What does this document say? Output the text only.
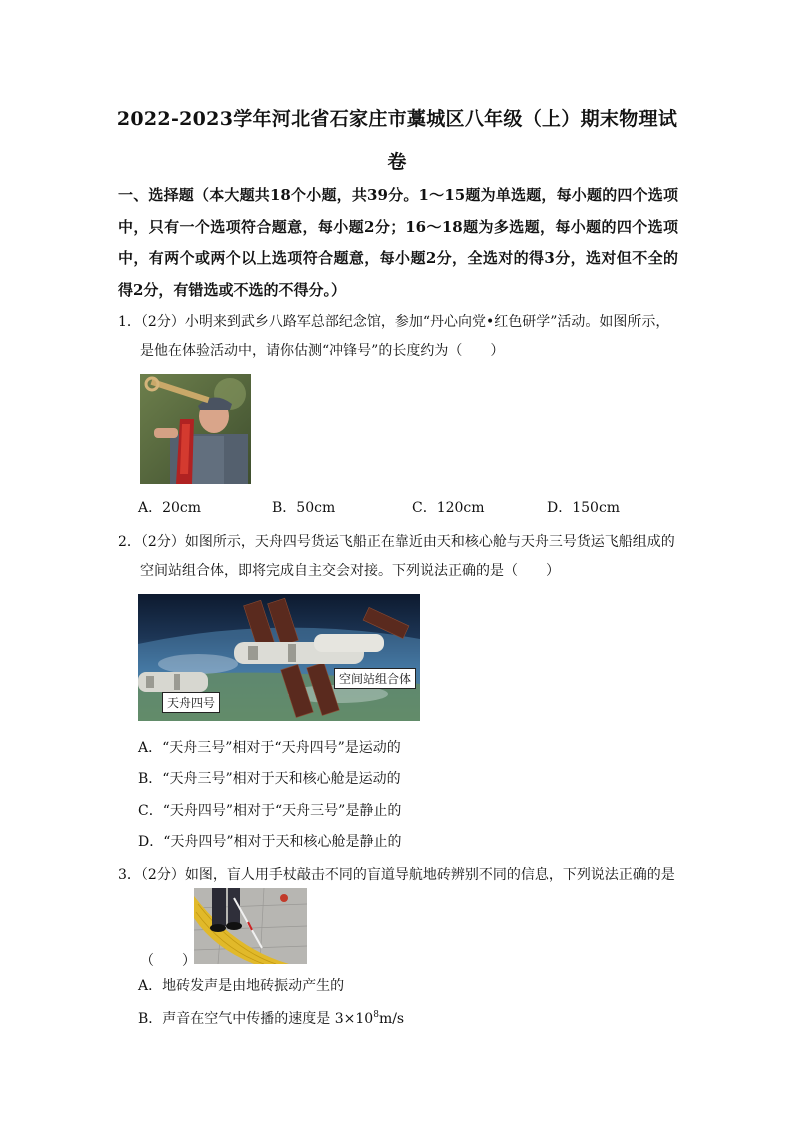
2022-2023学年河北省石家庄市藁城区八年级（上）期末物理试
卷
一、选择题（本大题共18个小题，共39分。1～15题为单选题，每小题的四个选项中，只有一个选项符合题意，每小题2分；16～18题为多选题，每小题的四个选项中，有两个或两个以上选项符合题意，每小题2分，全选对的得3分，选对但不全的得2分，有错选或不选的不得分。）
1．（2分）小明来到武乡八路军总部纪念馆，参加“丹心向党•红色研学”活动。如图所示，是他在体验活动中，请你估测“冲锋号”的长度约为（　　）
A．20cm	B．50cm	C．120cm	D．150cm
2．（2分）如图所示，天舟四号货运飞船正在靠近由天和核心舱与天舟三号货运飞船组成的空间站组合体，即将完成自主交会对接。下列说法正确的是（　　）
空间站组合体
天舟四号
A．“天舟三号”相对于“天舟四号”是运动的
B．“天舟三号”相对于天和核心舱是运动的
C．“天舟四号”相对于“天舟三号”是静止的
D．“天舟四号”相对于天和核心舱是静止的
3．（2分）如图，盲人用手杖敲击不同的盲道导航地砖辨别不同的信息，下列说法正确的是
（　　）
A．地砖发声是由地砖振动产生的
B．声音在空气中传播的速度是 $3\times 10^8m/s$
